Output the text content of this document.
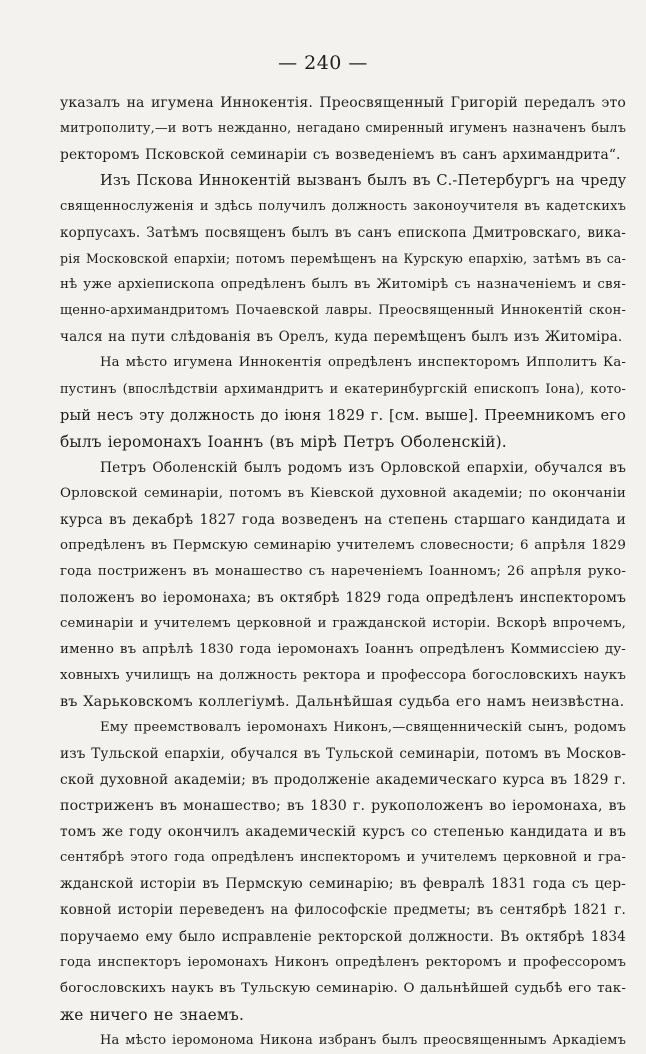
— 240 —
указалъ на игумена Иннокентія. Преосвященный Григорій передалъ это
митрополиту,—и вотъ нежданно, негадано смиренный игуменъ назначенъ былъ
ректоромъ Псковской семинаріи съ возведеніемъ въ санъ архимандрита“.
Изъ Пскова Иннокентій вызванъ былъ въ С.-Петербургъ на чреду
священнослуженія и здѣсь получилъ должность законоучителя въ кадетскихъ
корпусахъ. Затѣмъ посвященъ былъ въ санъ епископа Дмитровскаго, вика-
рія Московской епархіи; потомъ перемѣщенъ на Курскую епархію, затѣмъ въ са-
нѣ уже архіепископа опредѣленъ былъ въ Житомірѣ съ назначеніемъ и свя-
щенно-архимандритомъ Почаевской лавры. Преосвященный Иннокентій скон-
чался на пути слѣдованія въ Орелъ, куда перемѣщенъ былъ изъ Житоміра.
На мѣсто игумена Иннокентія опредѣленъ инспекторомъ Ипполитъ Ка-
пустинъ (впослѣдствіи архимандритъ и екатеринбургскій епископъ Іона), кото-
рый несъ эту должность до іюня 1829 г. [см. выше]. Преемникомъ его
былъ іеромонахъ Іоаннъ (въ мірѣ Петръ Оболенскій).
Петръ Оболенскій былъ родомъ изъ Орловской епархіи, обучался въ
Орловской семинаріи, потомъ въ Кіевской духовной академіи; по окончаніи
курса въ декабрѣ 1827 года возведенъ на степень старшаго кандидата и
опредѣленъ въ Пермскую семинарію учителемъ словесности; 6 апрѣля 1829
года постриженъ въ монашество съ нареченіемъ Іоанномъ; 26 апрѣля руко-
положенъ во іеромонаха; въ октябрѣ 1829 года опредѣленъ инспекторомъ
семинаріи и учителемъ церковной и гражданской исторіи. Вскорѣ впрочемъ,
именно въ апрѣлѣ 1830 года іеромонахъ Іоаннъ опредѣленъ Коммиссіею ду-
ховныхъ училищъ на должность ректора и профессора богословскихъ наукъ
въ Харьковскомъ коллегіумѣ. Дальнѣйшая судьба его намъ неизвѣстна.
Ему преемствовалъ іеромонахъ Никонъ,—священническій сынъ, родомъ
изъ Тульской епархіи, обучался въ Тульской семинаріи, потомъ въ Москов-
ской духовной академіи; въ продолженіе академическаго курса въ 1829 г.
постриженъ въ монашество; въ 1830 г. рукоположенъ во іеромонаха, въ
томъ же году окончилъ академическій курсъ со степенью кандидата и въ
сентябрѣ этого года опредѣленъ инспекторомъ и учителемъ церковной и гра-
жданской исторіи въ Пермскую семинарію; въ февралѣ 1831 года съ цер-
ковной исторіи переведенъ на философскіе предметы; въ сентябрѣ 1821 г.
поручаемо ему было исправленіе ректорской должности. Въ октябрѣ 1834
года инспекторъ іеромонахъ Никонъ опредѣленъ ректоромъ и профессоромъ
богословскихъ наукъ въ Тульскую семинарію. О дальнѣйшей судьбѣ его так-
же ничего не знаемъ.
На мѣсто іеромонома Никона избранъ былъ преосвященнымъ Аркадіемъ
